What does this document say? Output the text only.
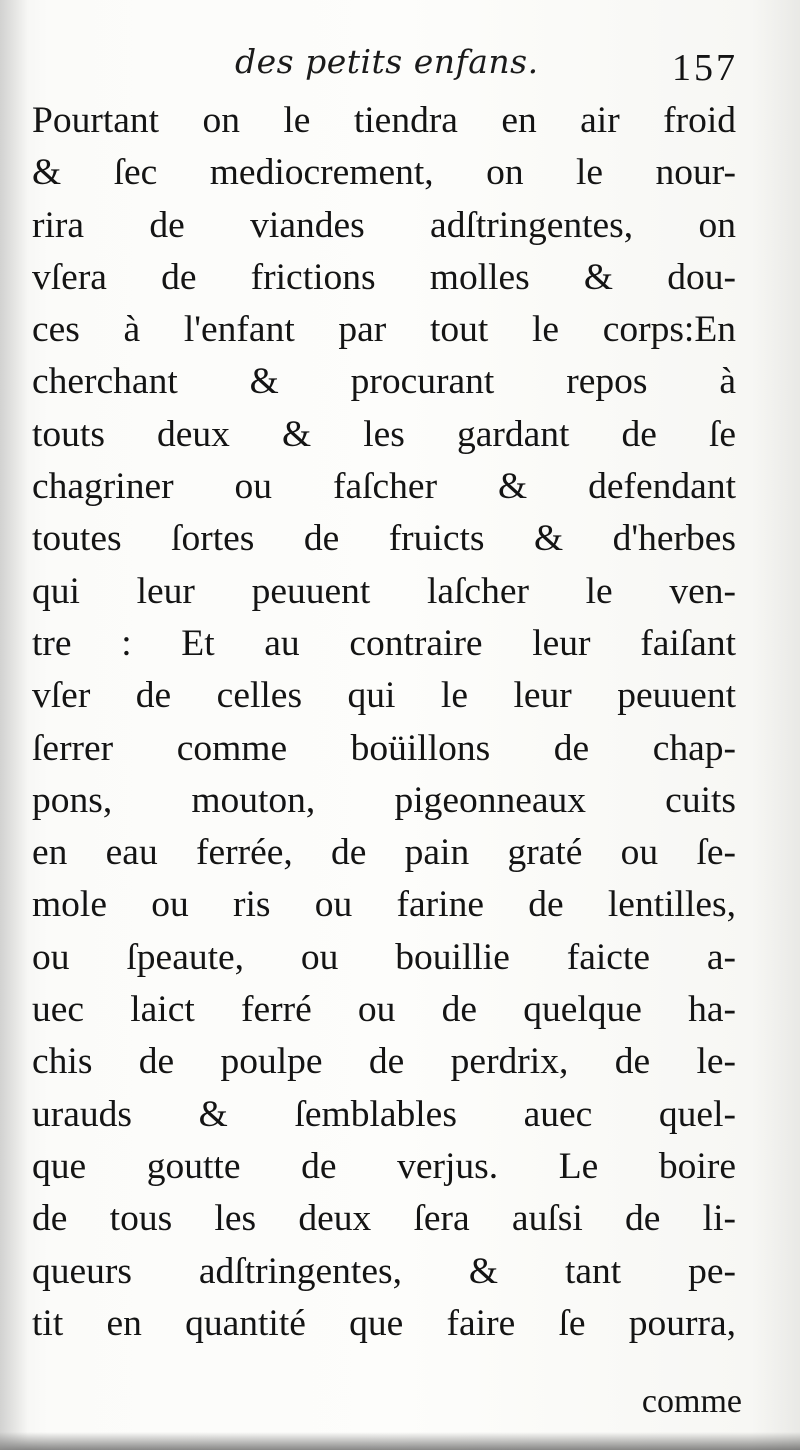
des petits enfans.	157
Pourtant on le tiendra en air froid
& ſec mediocrement, on le nour-
rira de viandes adſtringentes, on
vſera de frictions molles & dou-
ces à l'enfant par tout le corps:En
cherchant & procurant repos à
touts deux & les gardant de ſe
chagriner ou faſcher & defendant
toutes ſortes de fruicts & d'herbes
qui leur peuuent laſcher le ven-
tre : Et au contraire leur faiſant
vſer de celles qui le leur peuuent
ſerrer comme boüillons de chap-
pons, mouton, pigeonneaux cuits
en eau ferrée, de pain graté ou ſe-
mole ou ris ou farine de lentilles,
ou ſpeaute, ou bouillie faicte a-
uec laict ferré ou de quelque ha-
chis de poulpe de perdrix, de le-
urauds & ſemblables auec quel-
que goutte de verjus. Le boire
de tous les deux ſera auſsi de li-
queurs adſtringentes, & tant pe-
tit en quantité que faire ſe pourra,
comme
